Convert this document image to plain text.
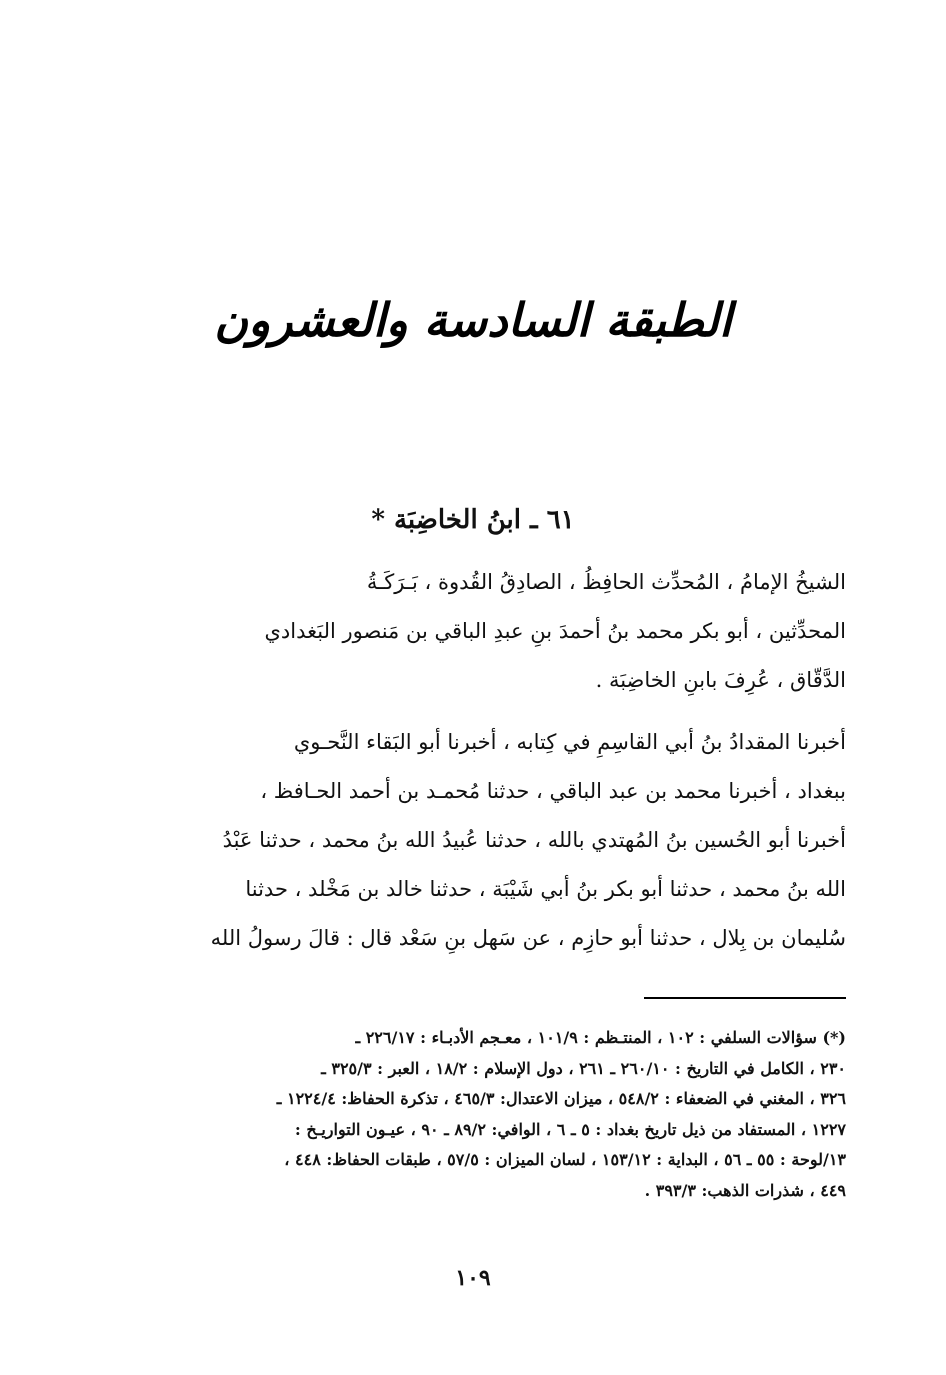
الطبقة السادسة والعشرون
٦١ ـ ابنُ الخاضِبَة *
الشيخُ الإمامُ ، المُحدِّث الحافِظُ ، الصادِقُ القُدوة ، بَـرَكَـةُ
المحدِّثين ، أبو بكر محمد بنُ أحمدَ بنِ عبدِ الباقي بن مَنصور البَغدادي
الدَّقّاق ، عُرِفَ بابنِ الخاضِبَة .
أخبرنا المقدادُ بنُ أبي القاسِمِ في كِتابه ، أخبرنا أبو البَقاء النَّحـوي
ببغداد ، أخبرنا محمد بن عبد الباقي ، حدثنا مُحمـد بن أحمد الحـافظ ،
أخبرنا أبو الحُسين بنُ المُهتدي بالله ، حدثنا عُبيدُ الله بنُ محمد ، حدثنا عَبْدُ
الله بنُ محمد ، حدثنا أبو بكر بنُ أبي شَيْبَة ، حدثنا خالد بن مَخْلد ، حدثنا
سُليمان بن بِلال ، حدثنا أبو حازِم ، عن سَهل بنِ سَعْد قال : قالَ رسولُ الله
(*) سؤالات السلفي : ١٠٢ ، المنتـظم : ١٠١/٩ ، معـجم الأدبـاء : ٢٢٦/١٧ ـ
٢٣٠ ، الكامل في التاريخ : ٢٦٠/١٠ ـ ٢٦١ ، دول الإسلام : ١٨/٢ ، العبر : ٣٢٥/٣ ـ
٣٢٦ ، المغني في الضعفاء : ٥٤٨/٢ ، ميزان الاعتدال: ٤٦٥/٣ ، تذكرة الحفاظ: ١٢٢٤/٤ ـ
١٢٢٧ ، المستفاد من ذيل تاريخ بغداد : ٥ ـ ٦ ، الوافي: ٨٩/٢ ـ ٩٠ ، عيـون التواريـخ :
١٣/لوحة : ٥٥ ـ ٥٦ ، البداية : ١٥٣/١٢ ، لسان الميزان : ٥٧/٥ ، طبقات الحفاظ: ٤٤٨ ،
٤٤٩ ، شذرات الذهب: ٣٩٣/٣ .
١٠٩
